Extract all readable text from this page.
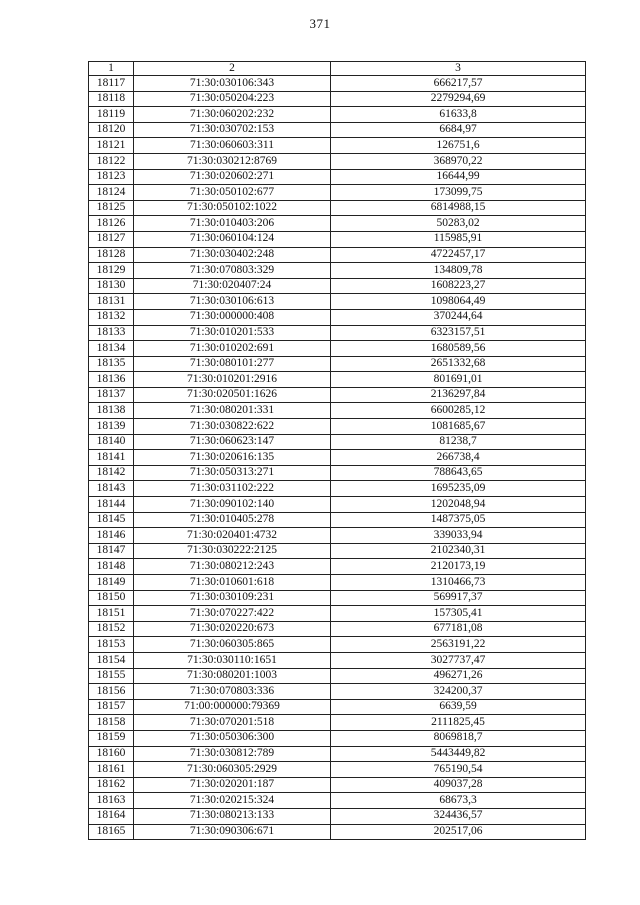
371
1	2	3
18117	71:30:030106:343	666217,57
18118	71:30:050204:223	2279294,69
18119	71:30:060202:232	61633,8
18120	71:30:030702:153	6684,97
18121	71:30:060603:311	126751,6
18122	71:30:030212:8769	368970,22
18123	71:30:020602:271	16644,99
18124	71:30:050102:677	173099,75
18125	71:30:050102:1022	6814988,15
18126	71:30:010403:206	50283,02
18127	71:30:060104:124	115985,91
18128	71:30:030402:248	4722457,17
18129	71:30:070803:329	134809,78
18130	71:30:020407:24	1608223,27
18131	71:30:030106:613	1098064,49
18132	71:30:000000:408	370244,64
18133	71:30:010201:533	6323157,51
18134	71:30:010202:691	1680589,56
18135	71:30:080101:277	2651332,68
18136	71:30:010201:2916	801691,01
18137	71:30:020501:1626	2136297,84
18138	71:30:080201:331	6600285,12
18139	71:30:030822:622	1081685,67
18140	71:30:060623:147	81238,7
18141	71:30:020616:135	266738,4
18142	71:30:050313:271	788643,65
18143	71:30:031102:222	1695235,09
18144	71:30:090102:140	1202048,94
18145	71:30:010405:278	1487375,05
18146	71:30:020401:4732	339033,94
18147	71:30:030222:2125	2102340,31
18148	71:30:080212:243	2120173,19
18149	71:30:010601:618	1310466,73
18150	71:30:030109:231	569917,37
18151	71:30:070227:422	157305,41
18152	71:30:020220:673	677181,08
18153	71:30:060305:865	2563191,22
18154	71:30:030110:1651	3027737,47
18155	71:30:080201:1003	496271,26
18156	71:30:070803:336	324200,37
18157	71:00:000000:79369	6639,59
18158	71:30:070201:518	2111825,45
18159	71:30:050306:300	8069818,7
18160	71:30:030812:789	5443449,82
18161	71:30:060305:2929	765190,54
18162	71:30:020201:187	409037,28
18163	71:30:020215:324	68673,3
18164	71:30:080213:133	324436,57
18165	71:30:090306:671	202517,06
